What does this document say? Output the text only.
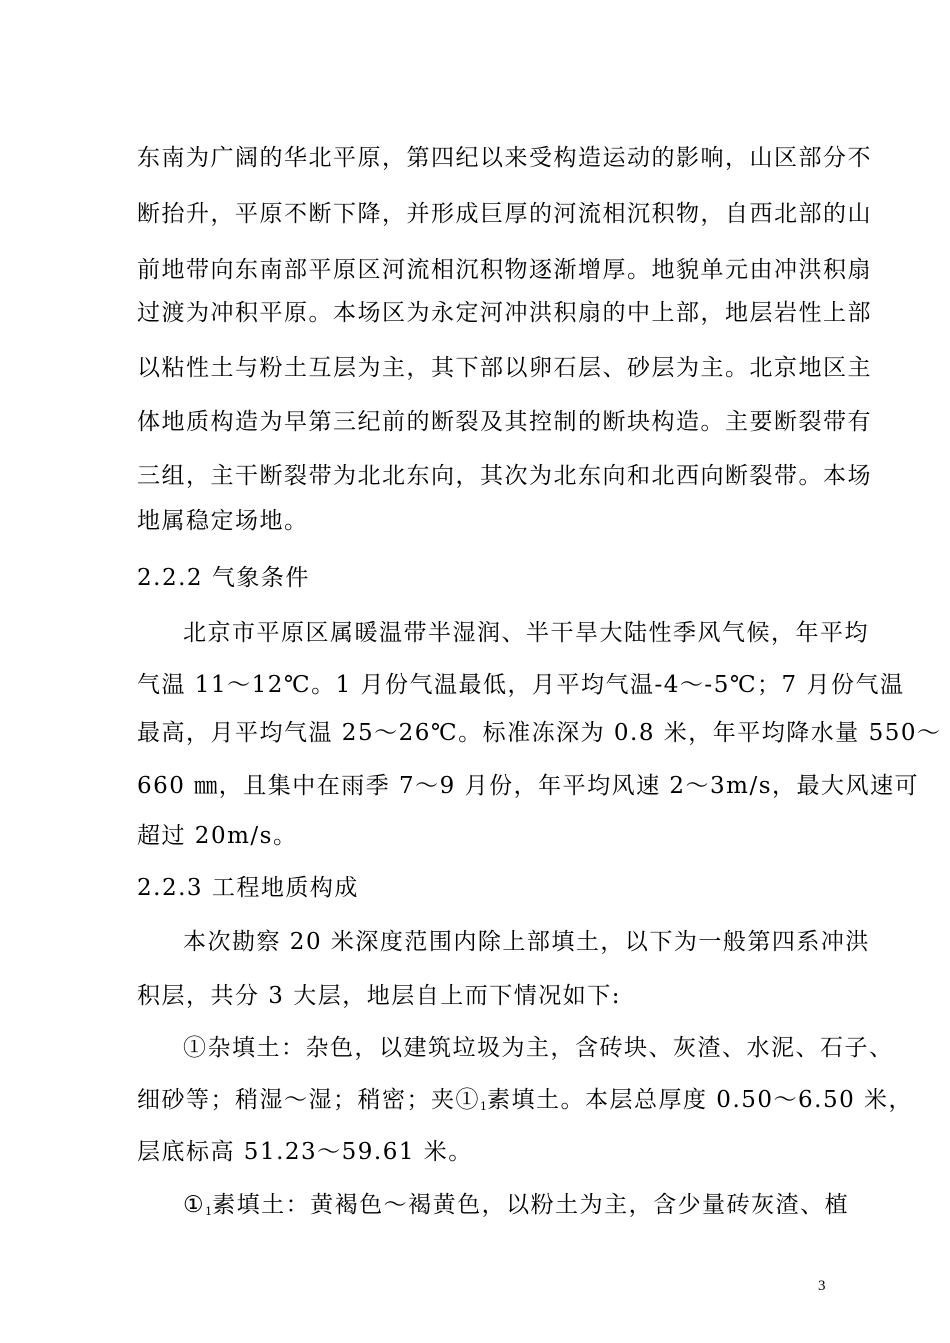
东南为广阔的华北平原，第四纪以来受构造运动的影响，山区部分不
断抬升，平原不断下降，并形成巨厚的河流相沉积物，自西北部的山
前地带向东南部平原区河流相沉积物逐渐增厚。地貌单元由冲洪积扇
过渡为冲积平原。本场区为永定河冲洪积扇的中上部，地层岩性上部
以粘性土与粉土互层为主，其下部以卵石层、砂层为主。北京地区主
体地质构造为早第三纪前的断裂及其控制的断块构造。主要断裂带有
三组，主干断裂带为北北东向，其次为北东向和北西向断裂带。本场
地属稳定场地。
2.2.2 气象条件
北京市平原区属暖温带半湿润、半干旱大陆性季风气候，年平均
气温 11～12℃。1 月份气温最低，月平均气温-4～-5℃；7 月份气温
最高，月平均气温 25～26℃。标准冻深为 0.8 米，年平均降水量 550～
660 ㎜，且集中在雨季 7～9 月份，年平均风速 2～3m/s，最大风速可
超过 20m/s。
2.2.3 工程地质构成
本次勘察 20 米深度范围内除上部填土，以下为一般第四系冲洪
积层，共分 3 大层，地层自上而下情况如下:
①杂填土：杂色，以建筑垃圾为主，含砖块、灰渣、水泥、石子、
细砂等；稍湿～湿；稍密；夹$①_1$素填土。本层总厚度 0.50～6.50 米，
层底标高 51.23～59.61 米。
$①_1$素填土：黄褐色～褐黄色，以粉土为主，含少量砖灰渣、植
3
